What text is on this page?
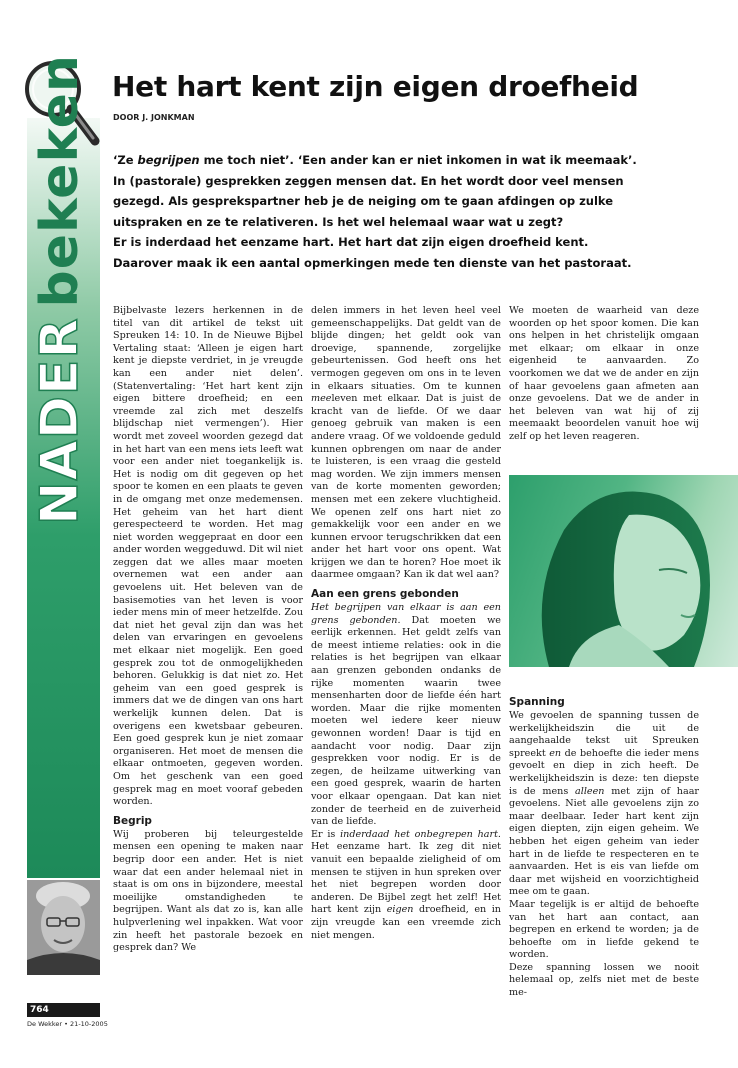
NADERbekeken Het hart kent zijn eigen droefheid
DOOR J. JONKMAN
‘Ze begrijpen me toch niet’. ‘Een ander kan er niet inkomen in wat ik meemaak’.
In (pastorale) gesprekken zeggen mensen dat. En het wordt door veel mensen
gezegd. Als gesprekspartner heb je de neiging om te gaan afdingen op zulke
uitspraken en ze te relativeren. Is het wel helemaal waar wat u zegt?
Er is inderdaad het eenzame hart. Het hart dat zijn eigen droefheid kent.
Daarover maak ik een aantal opmerkingen mede ten dienste van het pastoraat.

Bijbelvaste lezers herkennen in de titel van dit artikel de tekst uit Spreuken 14: 10. In de Nieuwe Bijbel Vertaling staat: ‘Alleen je eigen hart kent je diepste verdriet, in je vreugde kan een ander niet delen’. (Statenvertaling: ‘Het hart kent zijn eigen bittere droefheid; en een vreemde zal zich met deszelfs blijdschap niet vermengen’). Hier wordt met zoveel woorden gezegd dat in het hart van een mens iets leeft wat voor een ander niet toegankelijk is. Het is nodig om dit gegeven op het spoor te komen en een plaats te geven in de omgang met onze medemensen. Het geheim van het hart dient gerespecteerd te worden. Het mag niet worden weggepraat en door een ander worden weggeduwd. Dit wil niet zeggen dat we alles maar moeten overnemen wat een ander aan gevoelens uit. Het beleven van de basisemoties van het leven is voor ieder mens min of meer hetzelfde. Zou dat niet het geval zijn dan was het delen van ervaringen en gevoelens met elkaar niet mogelijk. Een goed gesprek zou tot de onmogelijkheden behoren. Gelukkig is dat niet zo. Het geheim van een goed gesprek is immers dat we de dingen van ons hart werkelijk kunnen delen. Dat is overigens een kwetsbaar gebeuren. Een goed gesprek kun je niet zomaar organiseren. Het moet de mensen die elkaar ontmoeten, gegeven worden. Om het geschenk van een goed gesprek mag en moet vooraf gebeden worden.

Begrip

Wij proberen bij teleurgestelde mensen een opening te maken naar begrip door een ander. Het is niet waar dat een ander helemaal niet in staat is om ons in bijzondere, meestal moeilijke omstandigheden te begrijpen. Want als dat zo is, kan alle hulpverlening wel inpakken. Wat voor zin heeft het pastorale bezoek en gesprek dan? We

delen immers in het leven heel veel gemeenschappelijks. Dat geldt van de blijde dingen; het geldt ook van droevige, spannende, zorgelijke gebeurtenissen. God heeft ons het vermogen gegeven om ons in te leven in elkaars situaties. Om te kunnen meeleven met elkaar. Dat is juist de kracht van de liefde. Of we daar genoeg gebruik van maken is een andere vraag. Of we voldoende geduld kunnen opbrengen om naar de ander te luisteren, is een vraag die gesteld mag worden. We zijn immers mensen van de korte momenten geworden; mensen met een zekere vluchtigheid. We openen zelf ons hart niet zo gemakkelijk voor een ander en we kunnen ervoor terugschrikken dat een ander het hart voor ons opent. Wat krijgen we dan te horen? Hoe moet ik daarmee omgaan? Kan ik dat wel aan?

Aan een grens gebonden

Het begrijpen van elkaar is aan een grens gebonden. Dat moeten we eerlijk erkennen. Het geldt zelfs van de meest intieme relaties: ook in die relaties is het begrijpen van elkaar aan grenzen gebonden ondanks de rijke momenten waarin twee mensenharten door de liefde één hart worden. Maar die rijke momenten moeten wel iedere keer nieuw gewonnen worden! Daar is tijd en aandacht voor nodig. Daar zijn gesprekken voor nodig. Er is de zegen, de heilzame uitwerking van een goed gesprek, waarin de harten voor elkaar opengaan. Dat kan niet zonder de teerheid en de zuiverheid van de liefde.

Er is inderdaad het onbegrepen hart. Het eenzame hart. Ik zeg dit niet vanuit een bepaalde zieligheid of om mensen te stijven in hun spreken over het niet begrepen worden door anderen. De Bijbel zegt het zelf! Het hart kent zijn eigen droefheid, en in zijn vreugde kan een vreemde zich niet mengen.

We moeten de waarheid van deze woorden op het spoor komen. Die kan ons helpen in het christelijk omgaan met elkaar; om elkaar in onze eigenheid te aanvaarden. Zo voorkomen we dat we de ander en zijn of haar gevoelens gaan afmeten aan onze gevoelens. Dat we de ander in het beleven van wat hij of zij meemaakt beoordelen vanuit hoe wij zelf op het leven reageren.

Spanning

We gevoelen de spanning tussen de werkelijkheidszin die uit de aangehaalde tekst uit Spreuken spreekt en de behoefte die ieder mens gevoelt en diep in zich heeft. De werkelijkheidszin is deze: ten diepste is de mens alleen met zijn of haar gevoelens. Niet alle gevoelens zijn zo maar deelbaar. Ieder hart kent zijn eigen diepten, zijn eigen geheim. We hebben het eigen geheim van ieder hart in de liefde te respecteren en te aanvaarden. Het is eis van liefde om daar met wijsheid en voorzichtigheid mee om te gaan.

Maar tegelijk is er altijd de behoefte van het hart aan contact, aan begrepen en erkend te worden; ja de behoefte om in liefde gekend te worden.

Deze spanning lossen we nooit helemaal op, zelfs niet met de beste me-

764
De Wekker • 21-10-2005
